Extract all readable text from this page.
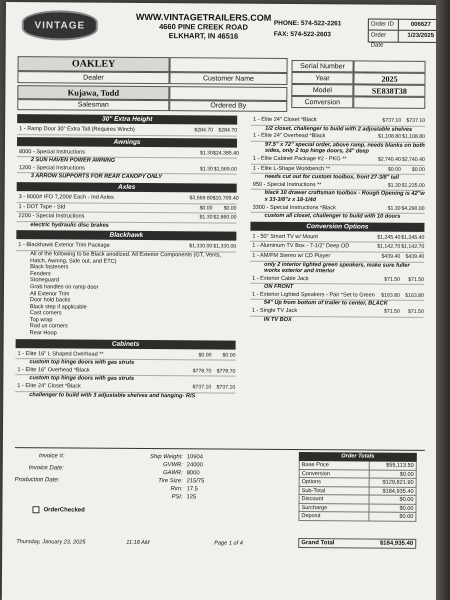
VINTAGE
WWW.VINTAGETRAILERS.COM
4660 PINE CREEK ROAD
ELKHART, IN 46516
PHONE: 574-522-2261
FAX: 574-522-2603
Order ID	006627
Order Date
1/23/2025
OAKLEY
Dealer	Customer Name
Kujawa, Todd
Salesman	Ordered By
Serial Number
Year	2025
Model	SE838T38
Conversion
30" Extra Height
1 - Ramp Door 30" Extra Tall (Requires Winch)	$284.70 $284.70
Awnings
8000 - Special Instructions	$1.30 $24,385.40
2 SUN HAVEN POWER AWNING
1200 - Special Instructions	$1.30 $1,569.00
3 ARROW SUPPORTS FOR REAR CANOPY ONLY
Axles
3 - 8000# IFO 7,200# Each - Ind Axles	$3,569.80 $10,709.40
1 - DOT Tape - Std	$0.00	$0.00
2200 - Special Instructions	$1.30 $2,860.00
electric hydraulic disc brakes
Blackhawk
1 - Blackhawk Exterior Trim Package	$1,330.00 $1,330.00
All of the following to be Black anodized. All Exterior Components (GT, Vents, Hatch, Awning, Side out, and ETC)
Black fasteners
Fenders
Stoneguard
Grab handles on ramp door
All Exterior Trim
Door hold backs
Black step if applicable
Cast corners
Top wrap
Rad us corners
Rear Hoop
Cabinets
1 - Elite 16" L Shaped Overhead **	$0.00	$0.00
custom top hinge doors with gas struts
1 - Elite 16" Overhead *Black	$778.70 $778.70
custom top hinge doors with gas struts
1 - Elite 24" Closet *Black	$737.10 $737.10
challenger to build with 3 adjustable shelves and hanging- R/S
1 - Elite 24" Closet *Black	$737.10 $737.10
1/2 closet, challenger to build with 2 adjustable shelves
1 - Elite 24" Overhead *Black	$1,108.80 $1,108.80
97.5" x 72" special order, above ramp, needs blanks on both sides, only 2 top hinge doors, 24" deep
1 - Elite Cabinet Package #2 - PKG **	$2,740.40 $2,740.40
1 - Elite L-Shape Workbench **	$0.00	$0.00
needs cut out for custom toolbox, front 27-3/8" tall
950 - Special Instructions **	$1.30 $1,235.00
black 10 drawer craftsman toolbox - Rough Opening is 42"w x 33-3/8"z x 18-1/4d
3300 - Special Instructions *Black	$1.30 $4,290.00
custom all closet, challenger to build with 10 doors
Conversion Options
1 - 50" Smart TV w/ Mount	$1,245.40 $1,245.40
1 - Aluminum TV Box - 7-1/2" Deep OD	$1,142.70 $1,142.70
1 - AM/FM Stereo w/ CD Player	$439.40 $439.40
only 2 interior lighted green speakers, make sure fuller works exterior and interior
1 - Exterior Cable Jack	$71.50	$71.50
ON FRONT
1 - Exterior Lighted Speakers - Pair *Set to Green	$163.80 $163.80
54" Up from bottom of trailer to center, BLACK
1 - Single TV Jack	$71.50	$71.50
IN TV BOX
Invoice #:
Invoice Date:
Production Date:
Ship Weight: 10904
GVWR: 24000
GAWR: 8000
Tire Size: 215/75
Rim: 17.5
PSI: 125
Order Totals
Base Price	$55,113.50
Conversion	$0.00
Options	$129,821.90
Sub-Total	$184,935.40
Discount	$0.00
Surcharge	$0.00
Deposit	$0.00
Grand Total	$184,935.40
OrderChecked
Thursday, January 23, 2025	11:18 AM	Page 1 of 4
